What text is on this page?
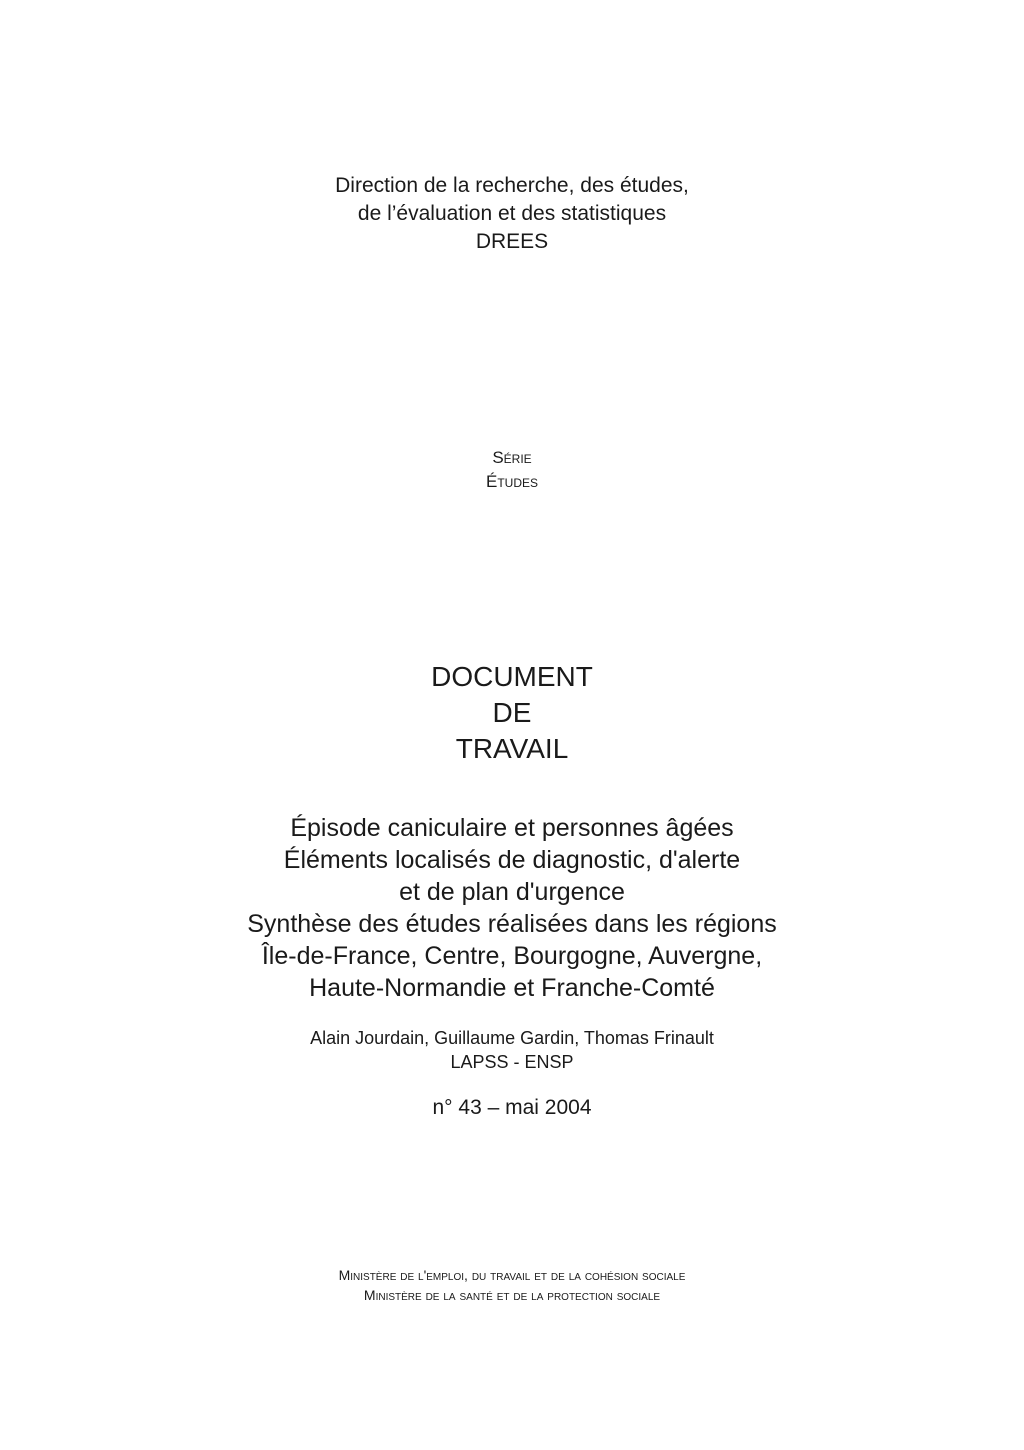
Direction de la recherche, des études,
de l’évaluation et des statistiques
DREES
Série
Études
DOCUMENT
DE
TRAVAIL
Épisode caniculaire et personnes âgées
Éléments localisés de diagnostic, d'alerte
et de plan d'urgence
Synthèse des études réalisées dans les régions
Île-de-France, Centre, Bourgogne, Auvergne,
Haute-Normandie et Franche-Comté
Alain Jourdain, Guillaume Gardin, Thomas Frinault
LAPSS - ENSP
n° 43 – mai 2004
Ministère de l'emploi, du travail et de la cohésion sociale
Ministère de la santé et de la protection sociale
